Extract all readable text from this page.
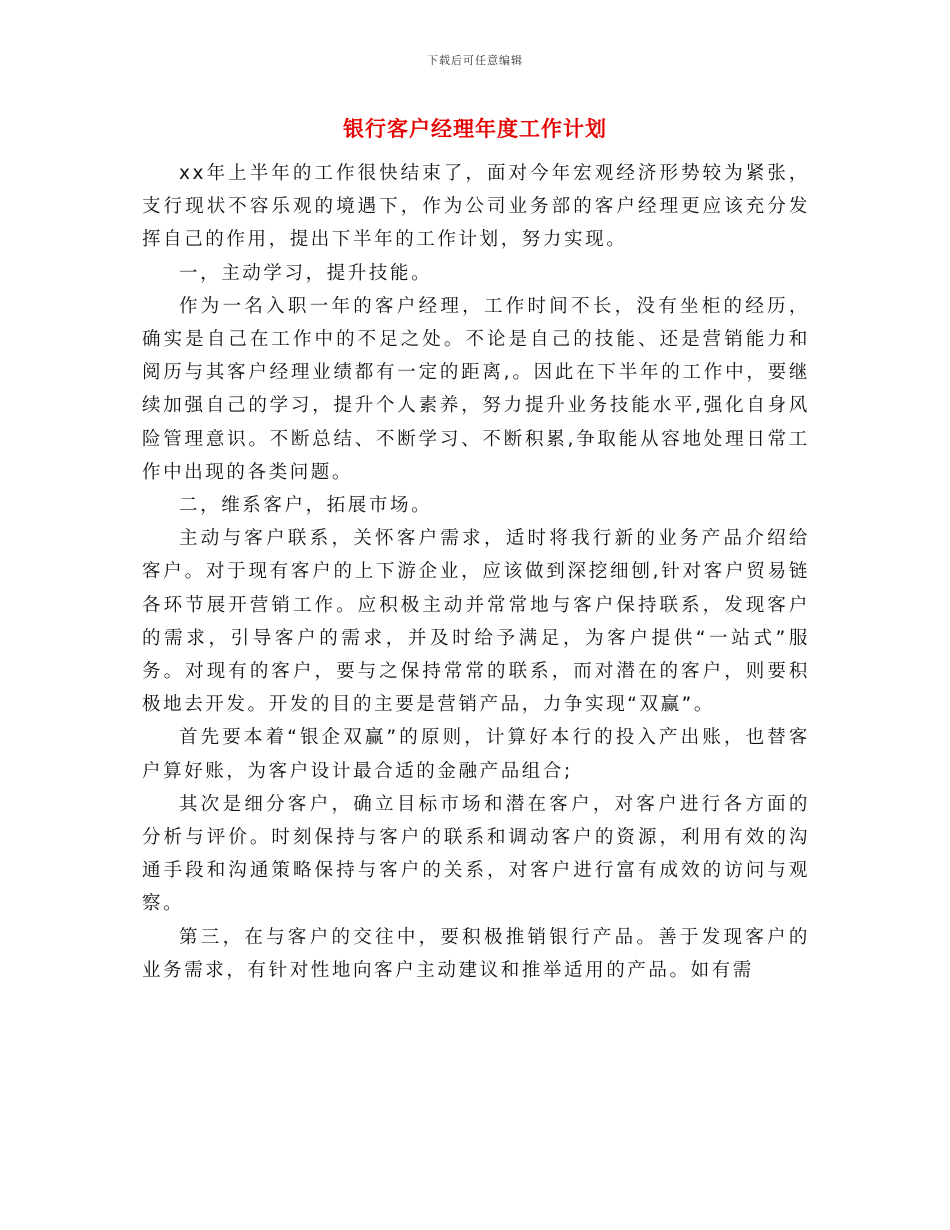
下载后可任意编辑
银行客户经理年度工作计划

xx年上半年的工作很快结束了，面对今年宏观经济形势较为紧张，支行现状不容乐观的境遇下，作为公司业务部的客户经理更应该充分发挥自己的作用，提出下半年的工作计划，努力实现。

一，主动学习，提升技能。

作为一名入职一年的客户经理，工作时间不长，没有坐柜的经历，确实是自己在工作中的不足之处。不论是自己的技能、还是营销能力和阅历与其客户经理业绩都有一定的距离,。因此在下半年的工作中，要继续加强自己的学习，提升个人素养，努力提升业务技能水平,强化自身风险管理意识。不断总结、不断学习、不断积累,争取能从容地处理日常工作中出现的各类问题。

二，维系客户，拓展市场。

主动与客户联系，关怀客户需求，适时将我行新的业务产品介绍给客户。对于现有客户的上下游企业，应该做到深挖细刨,针对客户贸易链各环节展开营销工作。应积极主动并常常地与客户保持联系，发现客户的需求，引导客户的需求，并及时给予满足，为客户提供“一站式”服务。对现有的客户，要与之保持常常的联系，而对潜在的客户，则要积极地去开发。开发的目的主要是营销产品，力争实现“双赢”。

首先要本着“银企双赢”的原则，计算好本行的投入产出账，也替客户算好账，为客户设计最合适的金融产品组合;

其次是细分客户，确立目标市场和潜在客户，对客户进行各方面的分析与评价。时刻保持与客户的联系和调动客户的资源，利用有效的沟通手段和沟通策略保持与客户的关系，对客户进行富有成效的访问与观察。

第三，在与客户的交往中，要积极推销银行产品。善于发现客户的业务需求，有针对性地向客户主动建议和推举适用的产品。如有需
